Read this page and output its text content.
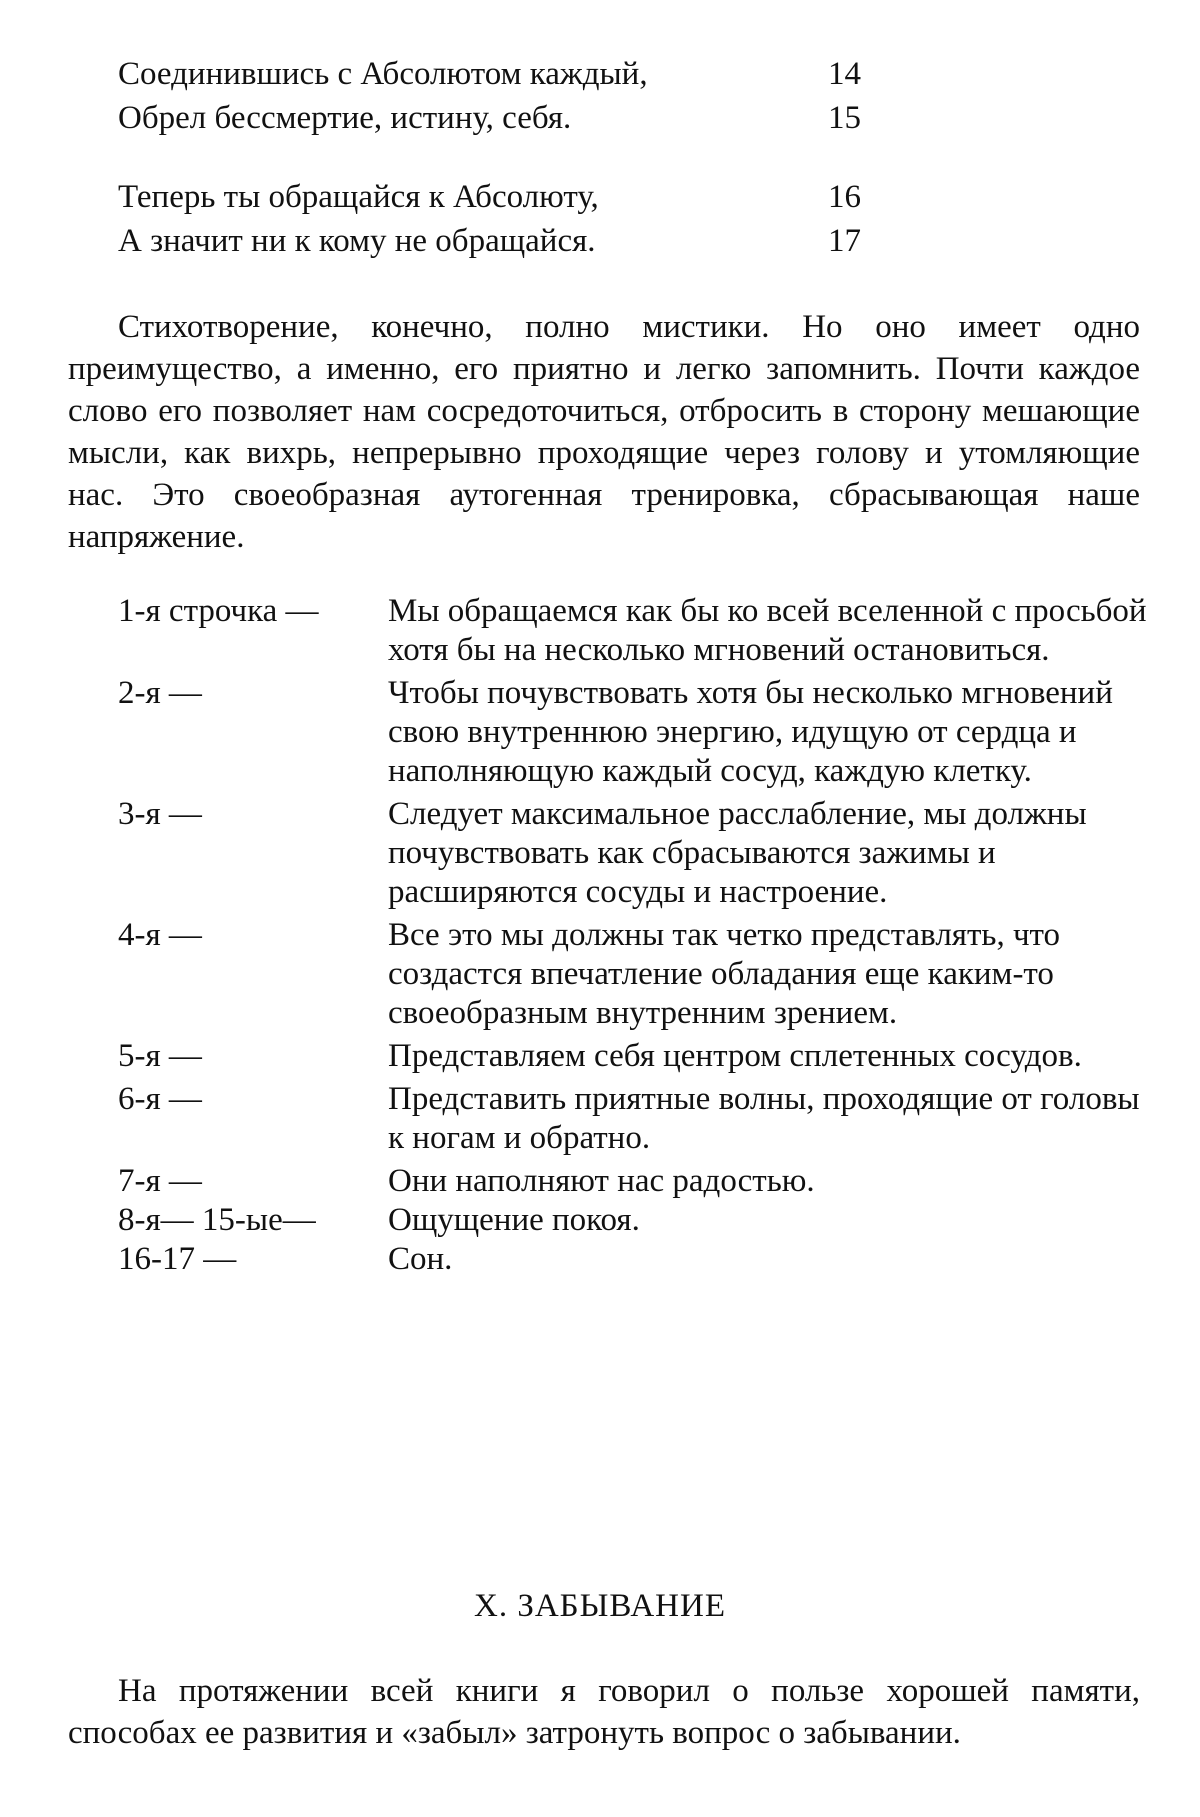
Соединившись с Абсолютом каждый,	14
Обрел бессмертие, истину, себя.	15
Теперь ты обращайся к Абсолюту,	16
А значит ни к кому не обращайся.	17
Стихотворение, конечно, полно мистики. Но оно имеет одно преимущество, а именно, его приятно и легко запомнить. Почти каждое слово его позволяет нам сосредоточиться, отбросить в сторону мешающие мысли, как вихрь, непрерывно проходящие через голову и утомляющие нас. Это своеобразная аутогенная тренировка, сбрасывающая наше напряжение.
1-я строчка —	Мы обращаемся как бы ко всей вселенной с просьбой хотя бы на несколько мгновений остановиться.
2-я —	Чтобы почувствовать хотя бы несколько мгновений свою внутреннюю энергию, идущую от сердца и наполняющую каждый сосуд, каждую клетку.
3-я —	Следует максимальное расслабление, мы должны почувствовать как сбрасываются зажимы и расширяются сосуды и настроение.
4-я —	Все это мы должны так четко представлять, что создастся впечатление обладания еще каким-то своеобразным внутренним зрением.
5-я —	Представляем себя центром сплетенных сосудов.
6-я —	Представить приятные волны, проходящие от головы к ногам и обратно.
7-я —	Они наполняют нас радостью.
8-я— 15-ые—	Ощущение покоя.
16-17 —	Сон.
X. ЗАБЫВАНИЕ
На протяжении всей книги я говорил о пользе хорошей памяти, способах ее развития и «забыл» затронуть вопрос о забывании.
